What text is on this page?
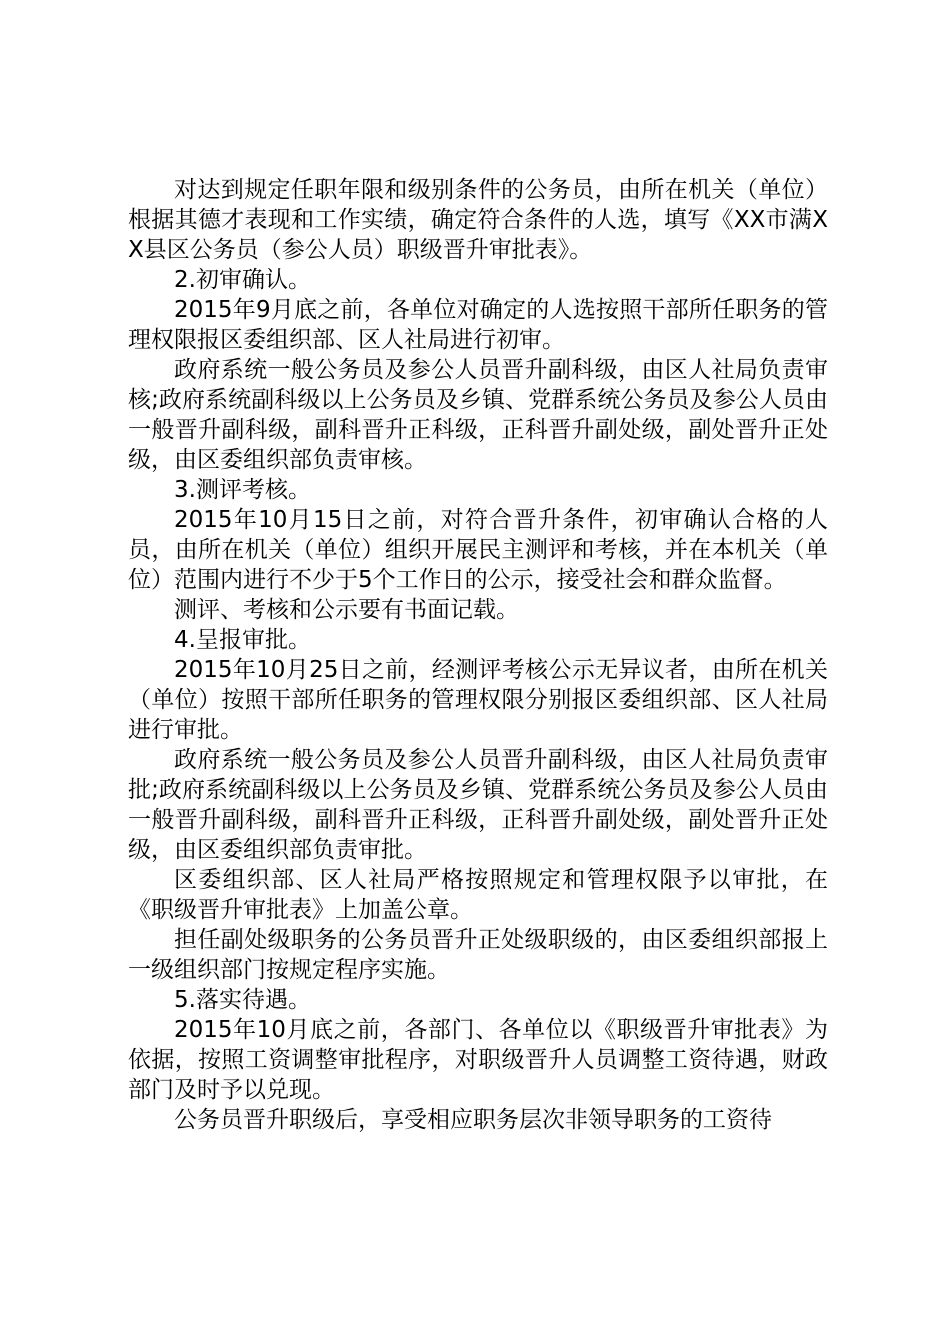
对达到规定任职年限和级别条件的公务员，由所在机关（单位）根据其德才表现和工作实绩，确定符合条件的人选，填写《XX市满XX县区公务员（参公人员）职级晋升审批表》。

2.初审确认。

2015年9月底之前，各单位对确定的人选按照干部所任职务的管理权限报区委组织部、区人社局进行初审。

政府系统一般公务员及参公人员晋升副科级，由区人社局负责审核;政府系统副科级以上公务员及乡镇、党群系统公务员及参公人员由一般晋升副科级，副科晋升正科级，正科晋升副处级，副处晋升正处级，由区委组织部负责审核。

3.测评考核。

2015年10月15日之前，对符合晋升条件，初审确认合格的人员，由所在机关（单位）组织开展民主测评和考核，并在本机关（单位）范围内进行不少于5个工作日的公示，接受社会和群众监督。

测评、考核和公示要有书面记载。

4.呈报审批。

2015年10月25日之前，经测评考核公示无异议者，由所在机关（单位）按照干部所任职务的管理权限分别报区委组织部、区人社局进行审批。

政府系统一般公务员及参公人员晋升副科级，由区人社局负责审批;政府系统副科级以上公务员及乡镇、党群系统公务员及参公人员由一般晋升副科级，副科晋升正科级，正科晋升副处级，副处晋升正处级，由区委组织部负责审批。

区委组织部、区人社局严格按照规定和管理权限予以审批，在《职级晋升审批表》上加盖公章。

担任副处级职务的公务员晋升正处级职级的，由区委组织部报上一级组织部门按规定程序实施。

5.落实待遇。

2015年10月底之前，各部门、各单位以《职级晋升审批表》为依据，按照工资调整审批程序，对职级晋升人员调整工资待遇，财政部门及时予以兑现。

公务员晋升职级后，享受相应职务层次非领导职务的工资待
